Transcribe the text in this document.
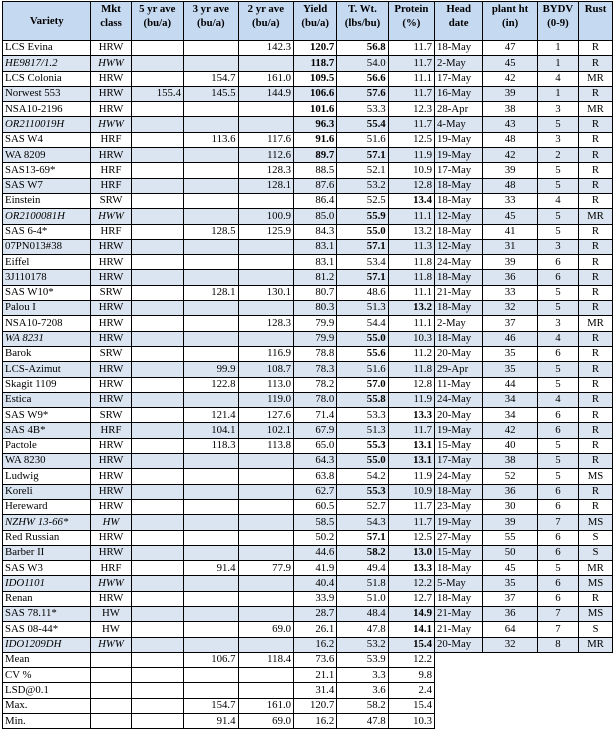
Variety	Mkt class	5 yr ave (bu/a)	3 yr ave (bu/a)	2 yr ave (bu/a)	Yield (bu/a)	T. Wt. (lbs/bu)	Protein (%)	Head date	plant ht (in)	BYDV (0-9)	Rust
LCS Evina	HRW			142.3	120.7	56.8	11.7	18-May	47	1	R
HE9817/1.2	HWW				118.7	54.0	11.7	2-May	45	1	R
LCS Colonia	HRW		154.7	161.0	109.5	56.6	11.1	17-May	42	4	MR
Norwest 553	HRW	155.4	145.5	144.9	106.6	57.6	11.7	16-May	39	1	R
NSA10-2196	HRW				101.6	53.3	12.3	28-Apr	38	3	MR
OR2110019H	HWW				96.3	55.4	11.7	4-May	43	5	R
SAS W4	HRF		113.6	117.6	91.6	51.6	12.5	19-May	48	3	R
WA 8209	HRW			112.6	89.7	57.1	11.9	19-May	42	2	R
SAS13-69*	HRF			128.3	88.5	52.1	10.9	17-May	39	5	R
SAS W7	HRF			128.1	87.6	53.2	12.8	18-May	48	5	R
Einstein	SRW				86.4	52.5	13.4	18-May	33	4	R
OR2100081H	HWW			100.9	85.0	55.9	11.1	12-May	45	5	MR
SAS 6-4*	HRF		128.5	125.9	84.3	55.0	13.2	18-May	41	5	R
07PN013#38	HRW				83.1	57.1	11.3	12-May	31	3	R
Eiffel	HRW				83.1	53.4	11.8	24-May	39	6	R
3J110178	HRW				81.2	57.1	11.8	18-May	36	6	R
SAS W10*	SRW		128.1	130.1	80.7	48.6	11.1	21-May	33	5	R
Palou I	HRW				80.3	51.3	13.2	18-May	32	5	R
NSA10-7208	HRW			128.3	79.9	54.4	11.1	2-May	37	3	MR
WA 8231	HRW				79.9	55.0	10.3	18-May	46	4	R
Barok	SRW			116.9	78.8	55.6	11.2	20-May	35	6	R
LCS-Azimut	HRW		99.9	108.7	78.3	51.6	11.8	29-Apr	35	5	R
Skagit 1109	HRW		122.8	113.0	78.2	57.0	12.8	11-May	44	5	R
Estica	HRW			119.0	78.0	55.8	11.9	24-May	34	4	R
SAS W9*	SRW		121.4	127.6	71.4	53.3	13.3	20-May	34	6	R
SAS 4B*	HRF		104.1	102.1	67.9	51.3	11.7	19-May	42	6	R
Pactole	HRW		118.3	113.8	65.0	55.3	13.1	15-May	40	5	R
WA 8230	HRW				64.3	55.0	13.1	17-May	38	5	R
Ludwig	HRW				63.8	54.2	11.9	24-May	52	5	MS
Koreli	HRW				62.7	55.3	10.9	18-May	36	6	R
Hereward	HRW				60.5	52.7	11.7	23-May	30	6	R
NZHW 13-66*	HW				58.5	54.3	11.7	19-May	39	7	MS
Red Russian	HRW				50.2	57.1	12.5	27-May	55	6	S
Barber II	HRW				44.6	58.2	13.0	15-May	50	6	S
SAS W3	HRF		91.4	77.9	41.9	49.4	13.3	18-May	45	5	MR
IDO1101	HWW				40.4	51.8	12.2	5-May	35	6	MS
Renan	HRW				33.9	51.0	12.7	18-May	37	6	R
SAS 78.11*	HW				28.7	48.4	14.9	21-May	36	7	MS
SAS 08-44*	HW			69.0	26.1	47.8	14.1	21-May	64	7	S
IDO1209DH	HWW				16.2	53.2	15.4	20-May	32	8	MR
Mean			106.7	118.4	73.6	53.9	12.2				
CV %					21.1	3.3	9.8				
LSD@0.1					31.4	3.6	2.4				
Max.			154.7	161.0	120.7	58.2	15.4				
Min.			91.4	69.0	16.2	47.8	10.3				
